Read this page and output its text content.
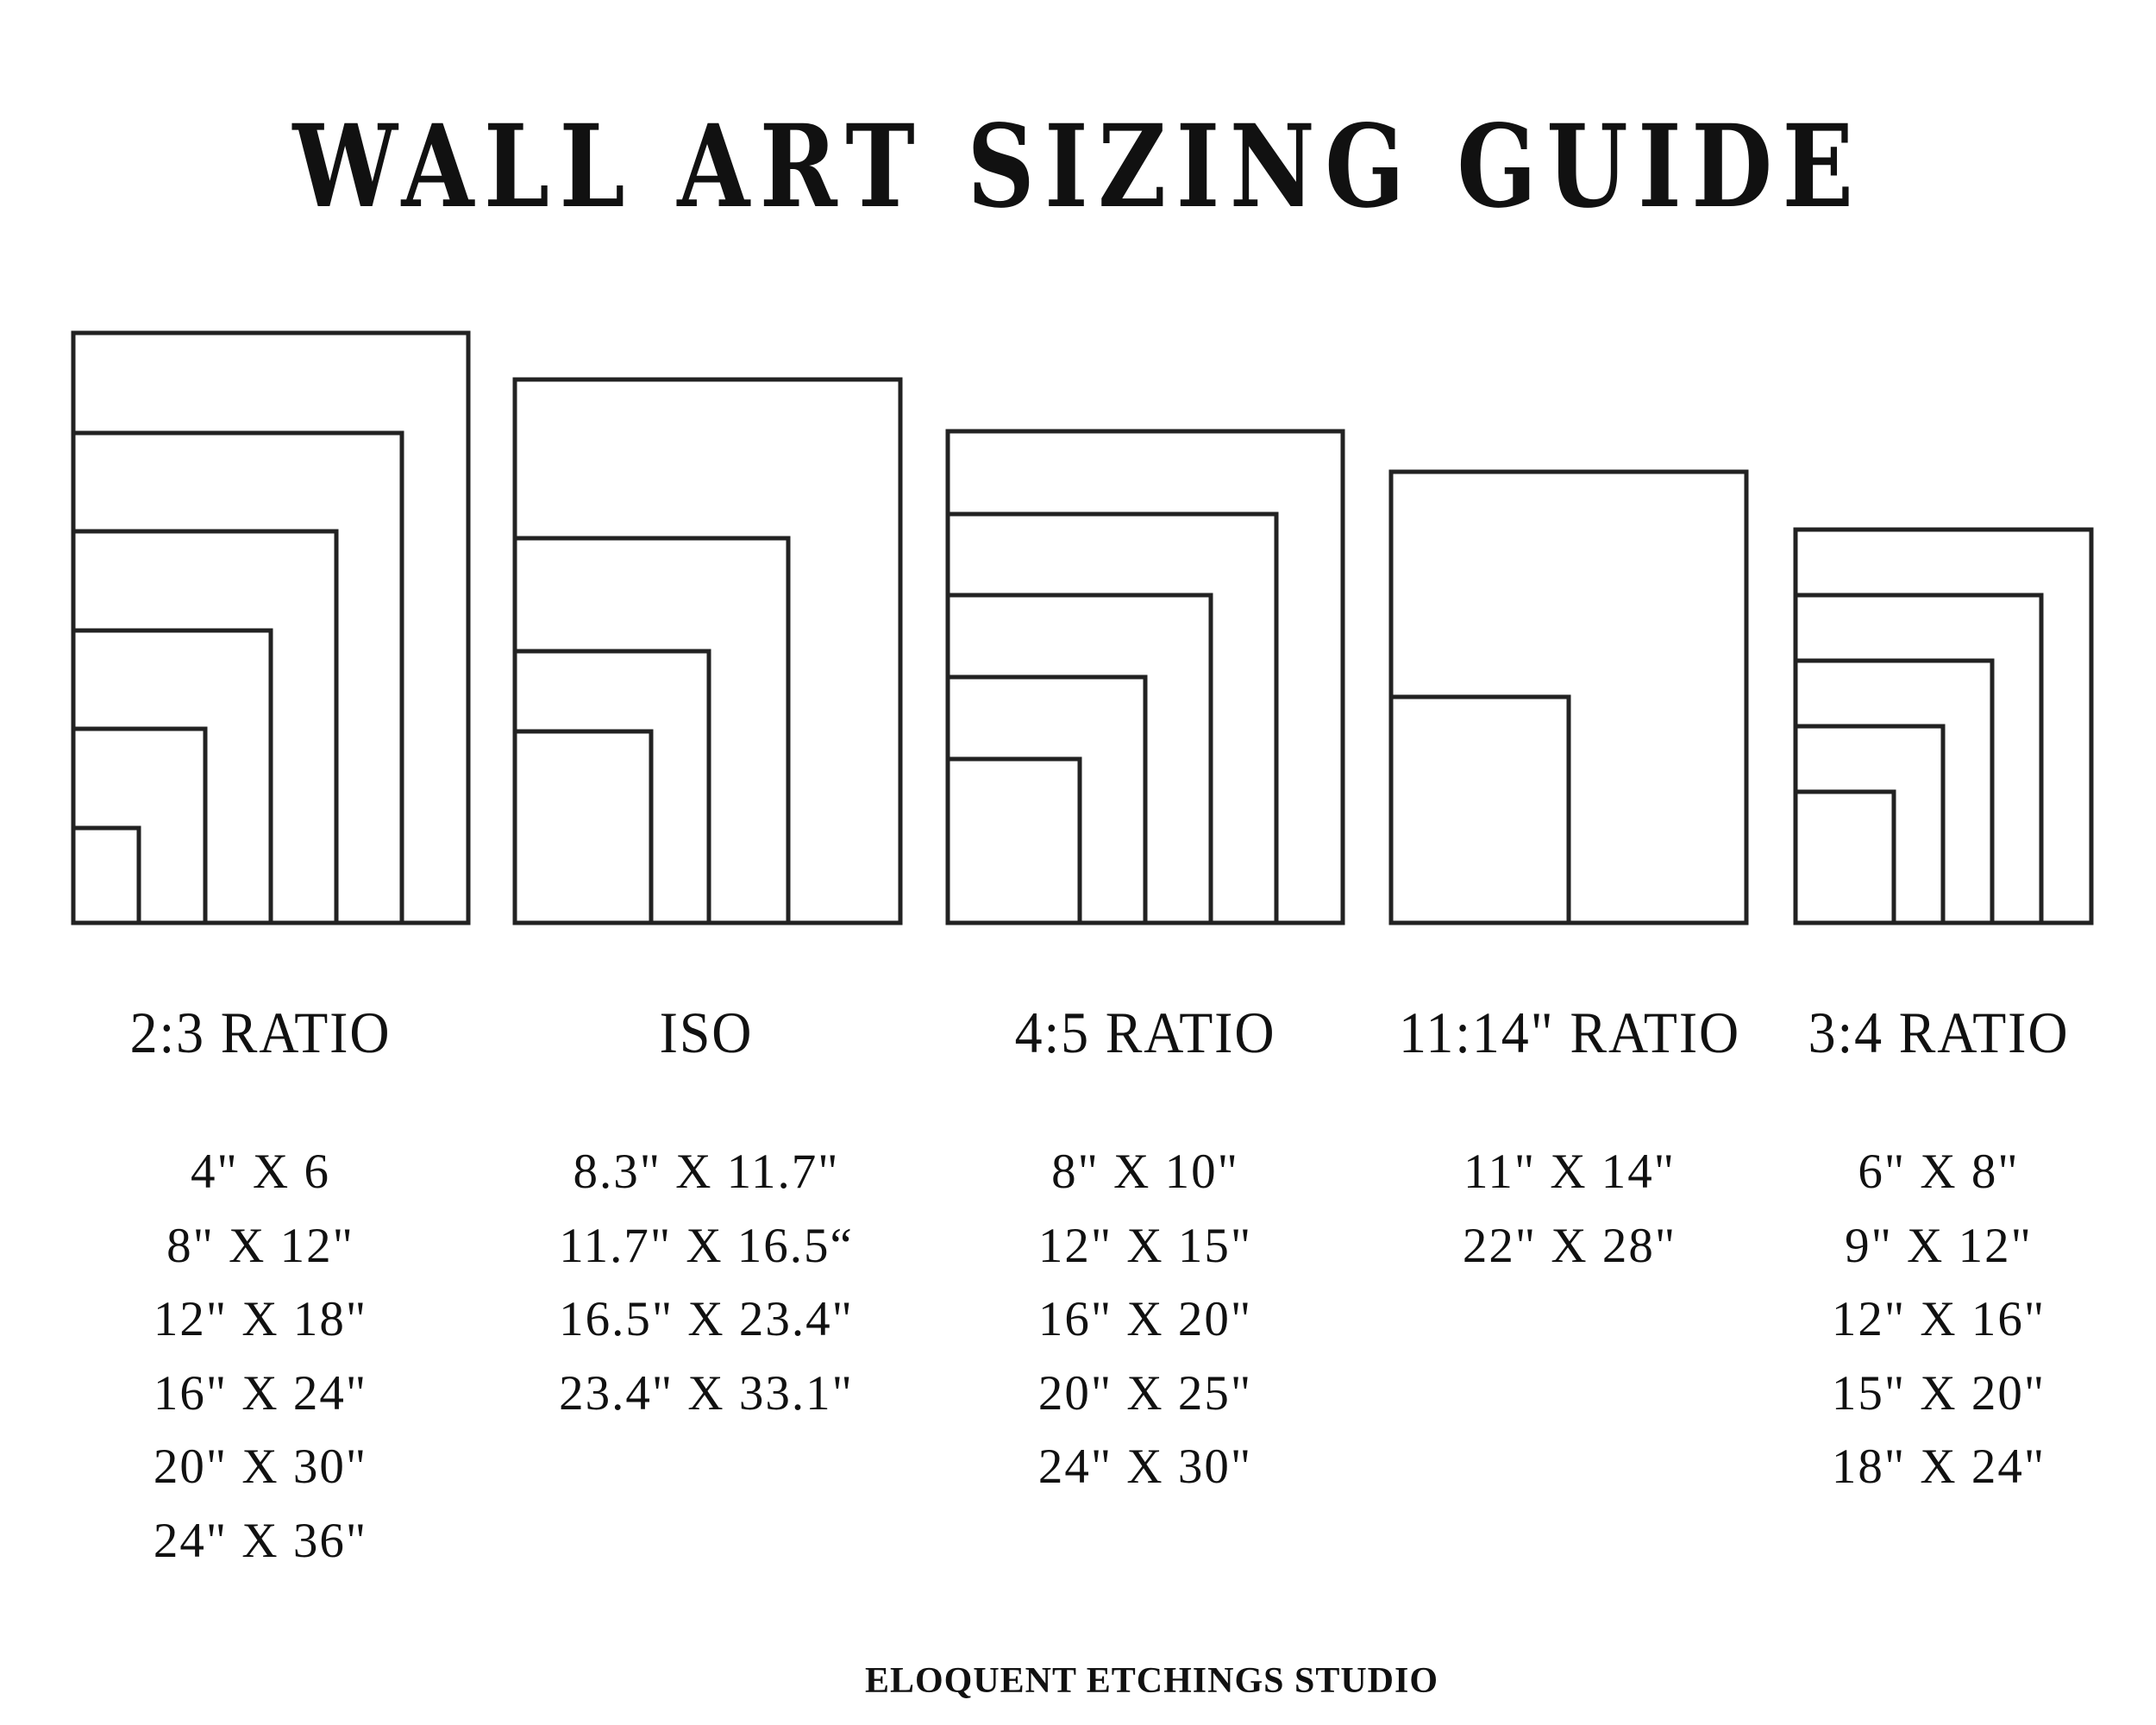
WALL ART SIZING GUIDE
2:3 RATIO
4" X 6
8" X 12"
12" X 18"
16" X 24"
20" X 30"
24" X 36"
ISO
8.3" X 11.7"
11.7" X 16.5“
16.5" X 23.4"
23.4" X 33.1"
4:5 RATIO
8" X 10"
12" X 15"
16" X 20"
20" X 25"
24" X 30"
11:14" RATIO
11" X 14"
22" X 28"
3:4 RATIO
6" X 8"
9" X 12"
12" X 16"
15" X 20"
18" X 24"
ELOQUENT ETCHINGS STUDIO
